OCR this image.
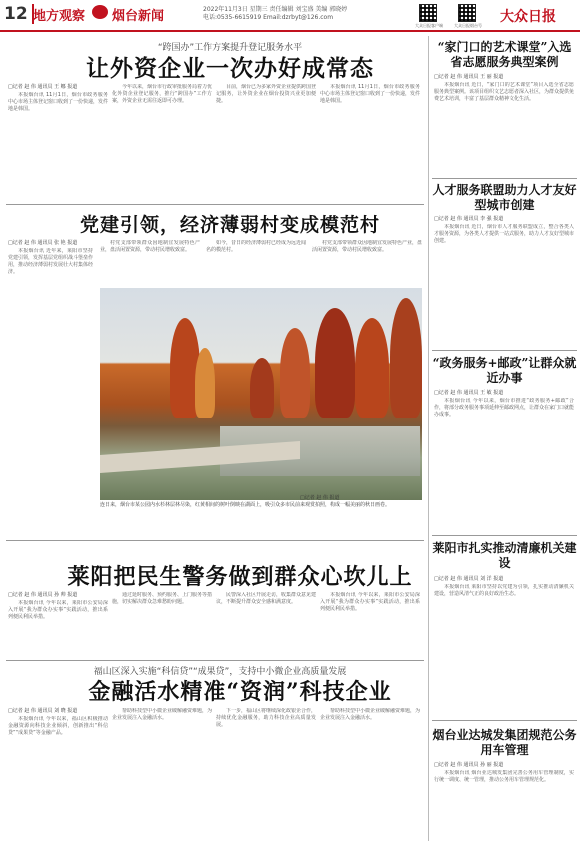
12 地方观察 烟台新闻	2022年11月3日 星期三 责任编辑 刘宝盛 美编 郭晓婷
电话:0535-6615919 Email:dzrbyt@126.com
大众日报客户端	大众日报烟台号
大众日报
“跨国办”工作方案提升登记服务水平
让外资企业一次办好成常态
□记者 赵 伟 通讯员 王 娜 报道

本报烟台讯 11月1日，烟台市政务服务中心市场主体登记窗口收到了一份快递，发件地是韩国。

今年以来，烟台市行政审批服务局着力优化外资企业登记服务，推行“跨国办”工作方案，外资企业无需往返即可办理。

目前，烟台已为多家外资企业提供跨国登记服务，让外资企业在烟台投资兴业更加便捷。

本报烟台讯 11月1日，烟台市政务服务中心市场主体登记窗口收到了一份快递，发件地是韩国。

党建引领，经济薄弱村变成模范村
□记者 赵 伟 通讯员 张 艳 报道

本报烟台讯 近年来，莱阳市坚持党建引领，发挥基层党组织战斗堡垒作用，推动经济薄弱村发展壮大村集体经济。

村党支部带领群众因地制宜发展特色产业，盘活闲置资源，带动村民增收致富。

如今，昔日的经济薄弱村已经成为远近闻名的模范村。

村党支部带领群众因地制宜发展特色产业，盘活闲置资源，带动村民增收致富。

□记者 赵 伟 报道
连日来，烟台市某公园内水杉林层林尽染，红黄相间的树叶倒映在湖面上，吸引众多市民前来观赏拍照，构成一幅美丽的秋日画卷。
莱阳把民生警务做到群众心坎儿上
□记者 赵 伟 通讯员 孙 帅 报道

本报烟台讯 今年以来，莱阳市公安局深入开展“我为群众办实事”实践活动，推出系列便民利民举措。

通过延时服务、预约服务、上门服务等措施，切实解决群众急难愁盼问题。

民警深入社区开展走访，收集群众意见建议，不断提升群众安全感和满意度。

本报烟台讯 今年以来，莱阳市公安局深入开展“我为群众办实事”实践活动，推出系列便民利民举措。

福山区深入实施“科信贷”“成果贷”，支持中小微企业高质量发展
金融活水精准“资润”科技企业
□记者 赵 伟 通讯员 刘 晓 报道

本报烟台讯 今年以来，福山区积极推动金融资源向科技企业倾斜，创新推出“科信贷”“成果贷”等金融产品。

帮助科技型中小微企业破解融资难题，为企业发展注入金融活水。

下一步，福山区将继续深化政银企合作，持续优化金融服务，助力科技企业高质量发展。

帮助科技型中小微企业破解融资难题，为企业发展注入金融活水。

“家门口的艺术课堂”入选省志愿服务典型案例
□记者 赵 伟 通讯员 王 丽 报道

本报烟台讯 近日，“家门口的艺术课堂”项目入选全省志愿服务典型案例。该项目组织文艺志愿者深入社区，为群众提供免费艺术培训，丰富了基层群众精神文化生活。

人才服务联盟助力人才友好型城市创建
□记者 赵 伟 通讯员 李 强 报道

本报烟台讯 近日，烟台市人才服务联盟成立，整合各类人才服务资源，为各类人才提供一站式服务，助力人才友好型城市创建。

“政务服务+邮政”让群众就近办事
□记者 赵 伟 通讯员 王 敏 报道

本报烟台讯 今年以来，烟台市推进“政务服务+邮政”合作，将部分政务服务事项延伸至邮政网点，让群众在家门口就能办成事。

莱阳市扎实推动清廉机关建设
□记者 赵 伟 通讯员 刘 洋 报道

本报烟台讯 莱阳市坚持以党建为引领，扎实推动清廉机关建设，营造风清气正的良好政治生态。

烟台业达城发集团规范公务用车管理
□记者 赵 伟 通讯员 孙 丽 报道

本报烟台讯 烟台业达城发集团完善公务用车管理制度，实行统一调度、统一管理，推动公务用车管理规范化。
